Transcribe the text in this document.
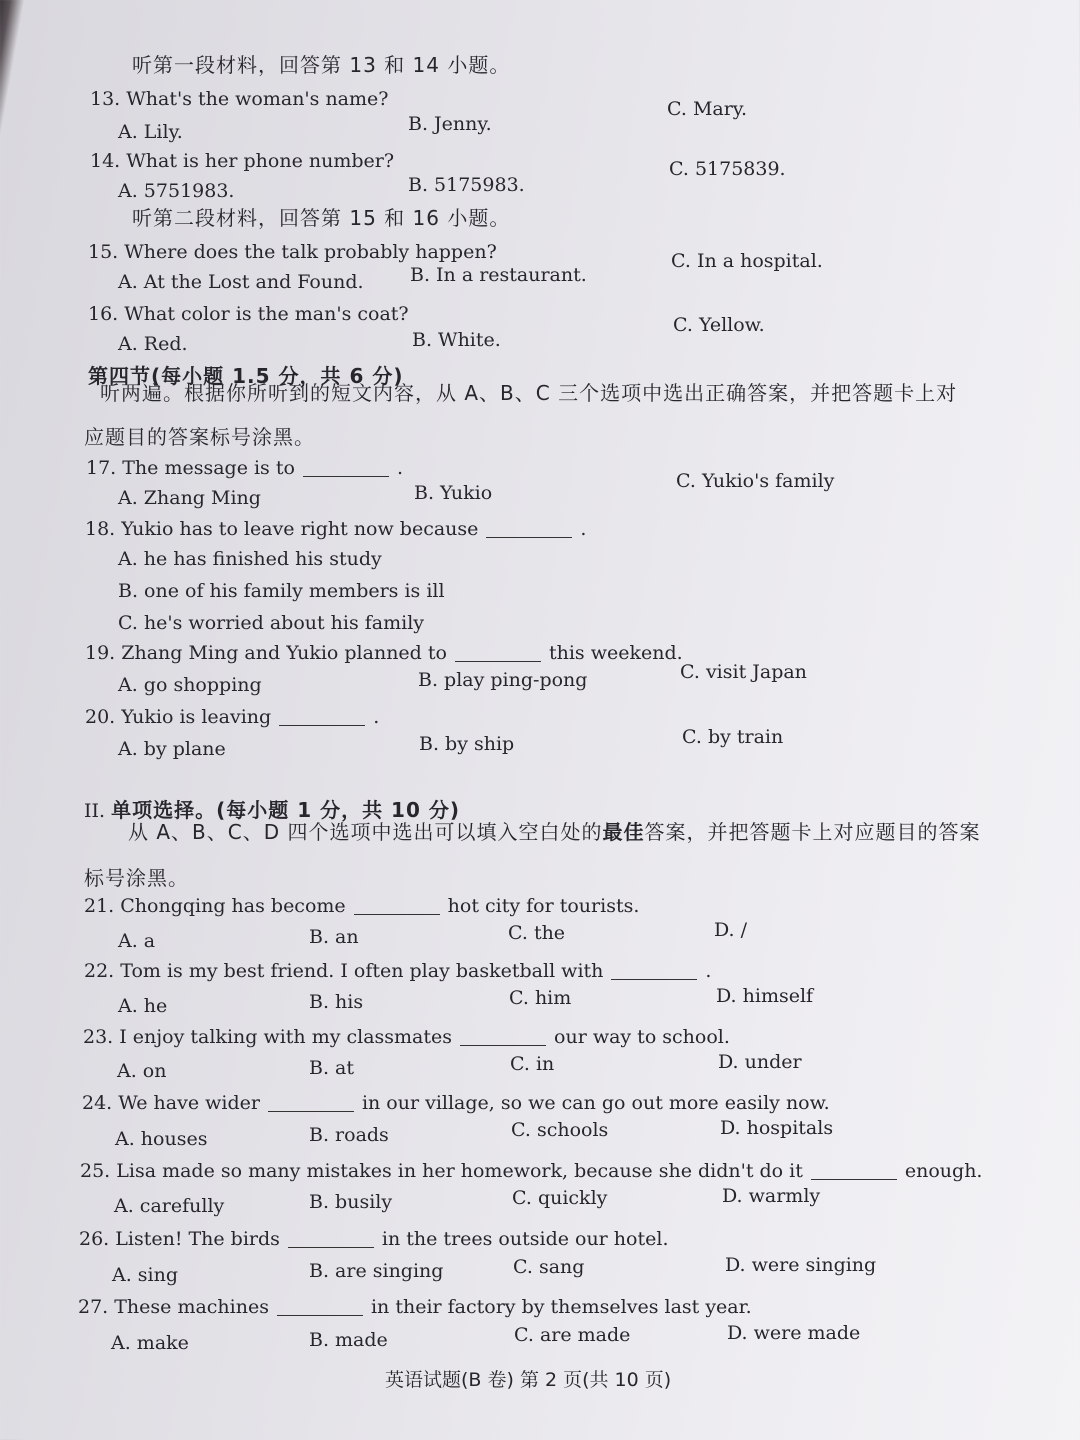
听第一段材料，回答第 13 和 14 小题。
13. What's the woman's name?
A. Lily.	B. Jenny.
C. Mary.
14. What is her phone number?
A. 5751983.	B. 5175983.
C. 5175839.
听第二段材料，回答第 15 和 16 小题。
15. Where does the talk probably happen?
A. At the Lost and Found. B. In a restaurant.
C. In a hospital.
16. What color is the man's coat?
A. Red.	B. White.
C. Yellow.
第四节(每小题 1.5 分，共 6 分)
听两遍。根据你所听到的短文内容，从 A、B、C 三个选项中选出正确答案，并把答题卡上对
应题目的答案标号涂黑。
17. The message is to	.
A. Zhang Ming	B. Yukio
C. Yukio's family
18. Yukio has to leave right now because	.
A. he has finished his study
B. one of his family members is ill
C. he's worried about his family
19. Zhang Ming and Yukio planned to	this weekend.
A. go shopping	B. play ping-pong	C. visit Japan
20. Yukio is leaving	.
A. by plane	B. by ship	C. by train
II. 单项选择。(每小题 1 分，共 10 分)
从 A、B、C、D 四个选项中选出可以填入空白处的最佳答案，并把答题卡上对应题目的答案
标号涂黑。
21. Chongqing has become	hot city for tourists.
A. a	B. an	C. the	D. /
22. Tom is my best friend. I often play basketball with	.
A. he	B. his	C. him	D. himself
23. I enjoy talking with my classmates	our way to school.
A. on	B. at	C. in	D. under
24. We have wider	in our village, so we can go out more easily now.
A. houses	B. roads	C. schools	D. hospitals
25. Lisa made so many mistakes in her homework, because she didn't do it	enough.
A. carefully	B. busily	C. quickly	D. warmly
26. Listen! The birds	in the trees outside our hotel.
A. sing	B. are singing	C. sang	D. were singing
27. These machines	in their factory by themselves last year.
A. make	B. made	C. are made	D. were made
英语试题(B 卷) 第 2 页(共 10 页)
